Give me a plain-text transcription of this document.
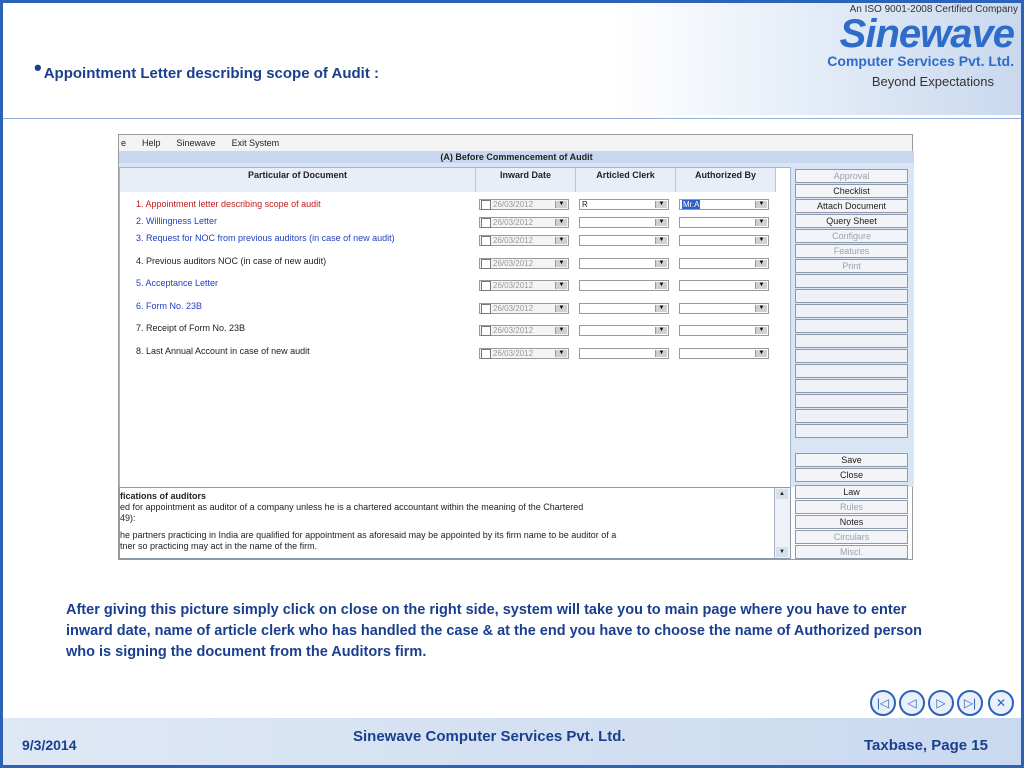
• Appointment Letter describing scope of Audit :
An ISO 9001-2008 Certified Company
Sinewave
Computer Services Pvt. Ltd.
Beyond Expectations
e Help Sinewave Exit System
(A) Before Commencement of Audit
Particular of Document	Inward Date	Articled Clerk	Authorized By
1. Appointment letter describing scope of audit	26/03/2012	▼	R	▼	Mr.A	▼
2. Willingness Letter	26/03/2012	▼	▼	▼
3. Request for NOC from previous auditors (in case of new audit)	26/03/2012	▼	▼	▼
4. Previous auditors NOC (in case of new audit)	26/03/2012	▼	▼	▼
5. Acceptance Letter	26/03/2012	▼	▼	▼
6. Form No. 23B	26/03/2012	▼	▼	▼
7. Receipt of Form No. 23B	26/03/2012	▼	▼	▼
8. Last Annual Account in case of new audit	26/03/2012	▼	▼	▼
Approval
Checklist
Attach Document
Query Sheet
Configure
Features
Print
Save
Close
fications of auditors
ed for appointment as auditor of a company unless he is a chartered accountant within the meaning of the Chartered
49):
he partners practicing in India are qualified for appointment as aforesaid may be appointed by its firm name to be auditor of a
tner so practicing may act in the name of the firm.
▲
▼
Law
Rules
Notes
Circulars
Miscl.
After giving this picture simply click on close on the right side, system will take you to main page where you have to enter inward date, name of article clerk who has handled the case & at the end you have to choose the name of Authorized person who is signing the document from the Auditors firm.
|◁	◁	▷	▷|	✕
9/3/2014	Sinewave Computer Services Pvt. Ltd.
Taxbase, Page 15
